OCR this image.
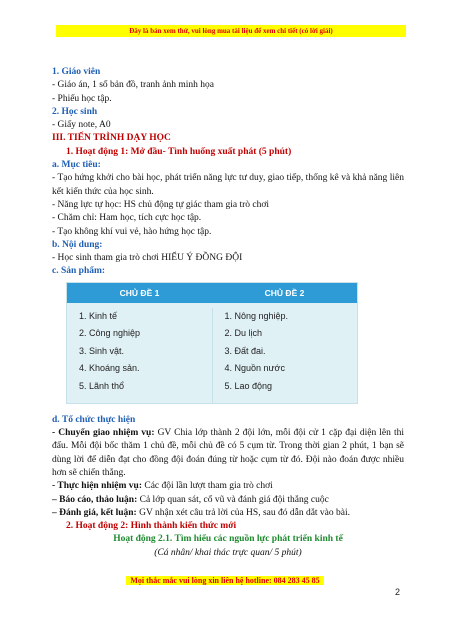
Đây là bản xem thử, vui lòng mua tài liệu để xem chi tiết (có lời giải)

1. Giáo viên

- Giáo án, 1 số bản đồ, tranh ảnh minh họa

- Phiếu học tập.

2. Học sinh

- Giấy note, A0

III. TIẾN TRÌNH DẠY HỌC

1. Hoạt động 1: Mở đầu- Tình huống xuất phát (5 phút)

a. Mục tiêu:

- Tạo hứng khởi cho bài học, phát triển năng lực tư duy, giao tiếp, thống kê và khả năng liên kết kiến thức của học sinh.

- Năng lực tự học: HS chủ động tự giác tham gia trò chơi

- Chăm chỉ: Ham học, tích cực học tập.

- Tạo không khí vui vẻ, hào hứng học tập.

b. Nội dung:

- Học sinh tham gia trò chơi HIỂU Ý ĐỒNG ĐỘI

c. Sản phẩm:

CHỦ ĐỀ 1	CHỦ ĐỀ 2
1. Kinh tế
2. Công nghiệp
3. Sinh vật.
4. Khoáng sản.
5. Lãnh thổ
1. Nông nghiệp.
2. Du lịch
3. Đất đai.
4. Nguồn nước
5. Lao động

d. Tổ chức thực hiện

- Chuyển giao nhiệm vụ: GV Chia lớp thành 2 đội lớn, mỗi đội cử 1 cặp đại diện lên thi đấu. Mỗi đội bốc thăm 1 chủ đề, mỗi chủ đề có 5 cụm từ. Trong thời gian 2 phút, 1 bạn sẽ dùng lời để diễn đạt cho đồng đội đoán đúng từ hoặc cụm từ đó. Đội nào đoán được nhiều hơn sẽ chiến thắng.

- Thực hiện nhiệm vụ: Các đội lần lượt tham gia trò chơi

– Báo cáo, thảo luận: Cả lớp quan sát, cổ vũ và đánh giá đội thắng cuộc

– Đánh giá, kết luận: GV nhận xét câu trả lời của HS, sau đó dẫn dắt vào bài.

2. Hoạt động 2: Hình thành kiến thức mới

Hoạt động 2.1. Tìm hiểu các nguồn lực phát triển kinh tế

(Cá nhân/ khai thác trực quan/ 5 phút)

Mọi thắc mắc vui lòng xin liên hệ hotline: 084 283 45 85
2
